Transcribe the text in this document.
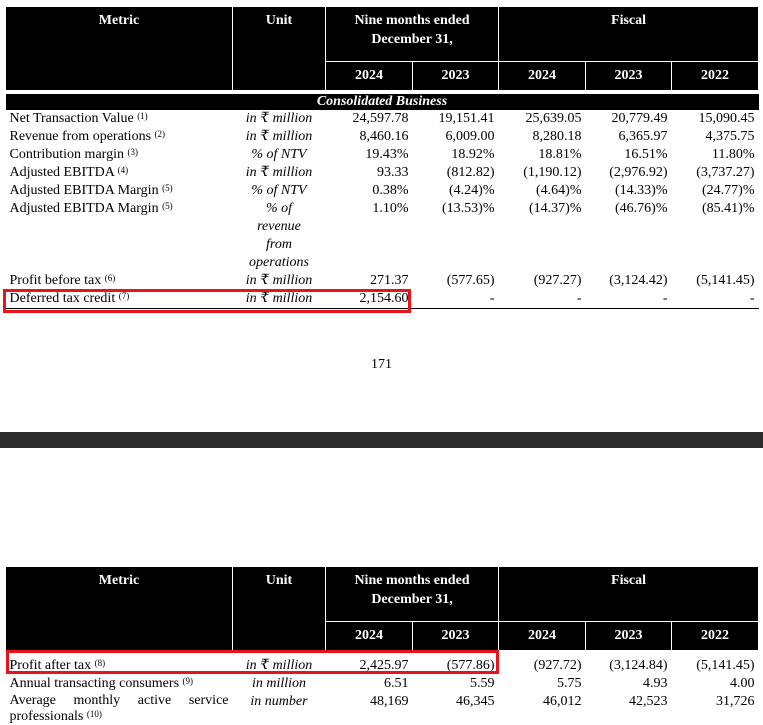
Metric	Unit	Nine months ended December 31,		Fiscal		
		2024	2023	2024	2023	2022
Consolidated Business						
Net Transaction Value $^{(1)}$	in ₹ million	24,597.78	19,151.41	25,639.05	20,779.49	15,090.45
Revenue from operations $^{(2)}$	in ₹ million	8,460.16	6,009.00	8,280.18	6,365.97	4,375.75
Contribution margin $^{(3)}$	% of NTV	19.43%	18.92%	18.81%	16.51%	11.80%
Adjusted EBITDA $^{(4)}$	in ₹ million	93.33	(812.82)	(1,190.12)	(2,976.92)	(3,737.27)
Adjusted EBITDA Margin $^{(5)}$	% of NTV	0.38%	(4.24)%	(4.64)%	(14.33)%	(24.77)%
Adjusted EBITDA Margin $^{(5)}$	% of revenue from operations	1.10%	(13.53)%	(14.37)%	(46.76)%	(85.41)%
Profit before tax $^{(6)}$	in ₹ million	271.37	(577.65)	(927.27)	(3,124.42)	(5,141.45)
Deferred tax credit $^{(7)}$	in ₹ million	2,154.60	-	-	-	-
171
Metric	Unit	Nine months ended December 31,		Fiscal		
		2024	2023	2024	2023	2022
Profit after tax $^{(8)}$	in ₹ million	2,425.97	(577.86)	(927.72)	(3,124.84)	(5,141.45)
Annual transacting consumers $^{(9)}$	in million	6.51	5.59	5.75	4.93	4.00
Average monthly active service professionals $^{(10)}$	in number	48,169	46,345	46,012	42,523	31,726
